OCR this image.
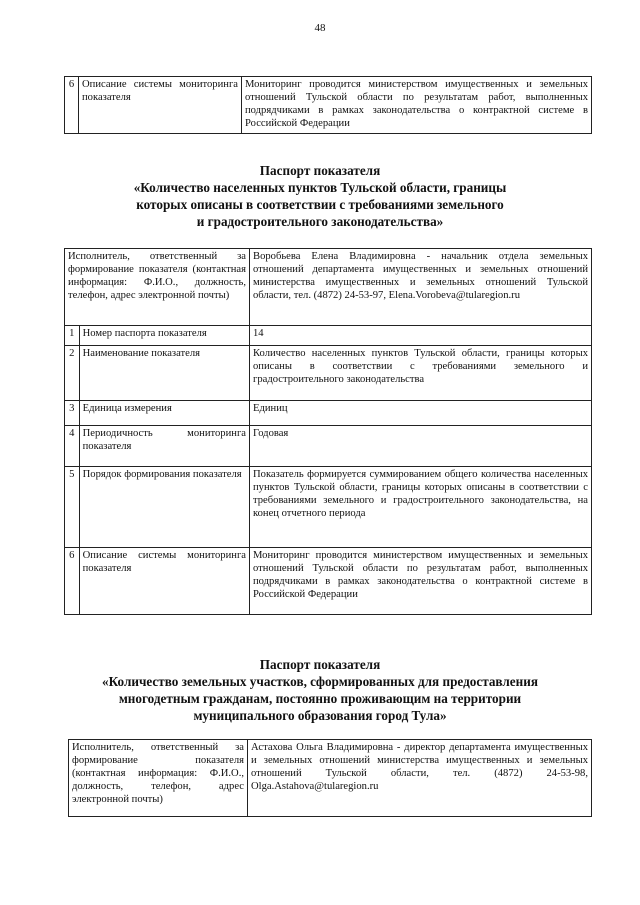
48
6	Описание системы мониторинга показателя	Мониторинг проводится министерством имущественных и земельных отношений Тульской области по результатам работ, выполненных подрядчиками в рамках законодательства о контрактной системе в Российской Федерации
Паспорт показателя
«Количество населенных пунктов Тульской области, границы
которых описаны в соответствии с требованиями земельного
и градостроительного законодательства»
Исполнитель, ответственный за формирование показателя (контактная информация: Ф.И.О., должность, телефон, адрес электронной почты)		Воробьева Елена Владимировна - начальник отдела земельных отношений департамента имущественных и земельных отношений министерства имущественных и земельных отношений Тульской области, тел. (4872) 24-53-97, Elena.Vorobeva@tularegion.ru
1	Номер паспорта показателя	14
2	Наименование показателя	Количество населенных пунктов Тульской области, границы которых описаны в соответствии с требованиями земельного и градостроительного законодательства
3	Единица измерения	Единиц
4	Периодичность мониторинга показателя	Годовая
5	Порядок формирования показателя	Показатель формируется суммированием общего количества населенных пунктов Тульской области, границы которых описаны в соответствии с требованиями земельного и градостроительного законодательства, на конец отчетного периода
6	Описание системы мониторинга показателя	Мониторинг проводится министерством имущественных и земельных отношений Тульской области по результатам работ, выполненных подрядчиками в рамках законодательства о контрактной системе в Российской Федерации
Паспорт показателя
«Количество земельных участков, сформированных для предоставления
многодетным гражданам, постоянно проживающим на территории
муниципального образования город Тула»
Исполнитель, ответственный за формирование показателя (контактная информация: Ф.И.О., должность, телефон, адрес электронной почты)	Астахова Ольга Владимировна - директор департамента имущественных и земельных отношений министерства имущественных и земельных отношений Тульской области, тел. (4872) 24-53-98, Olga.Astahova@tularegion.ru
